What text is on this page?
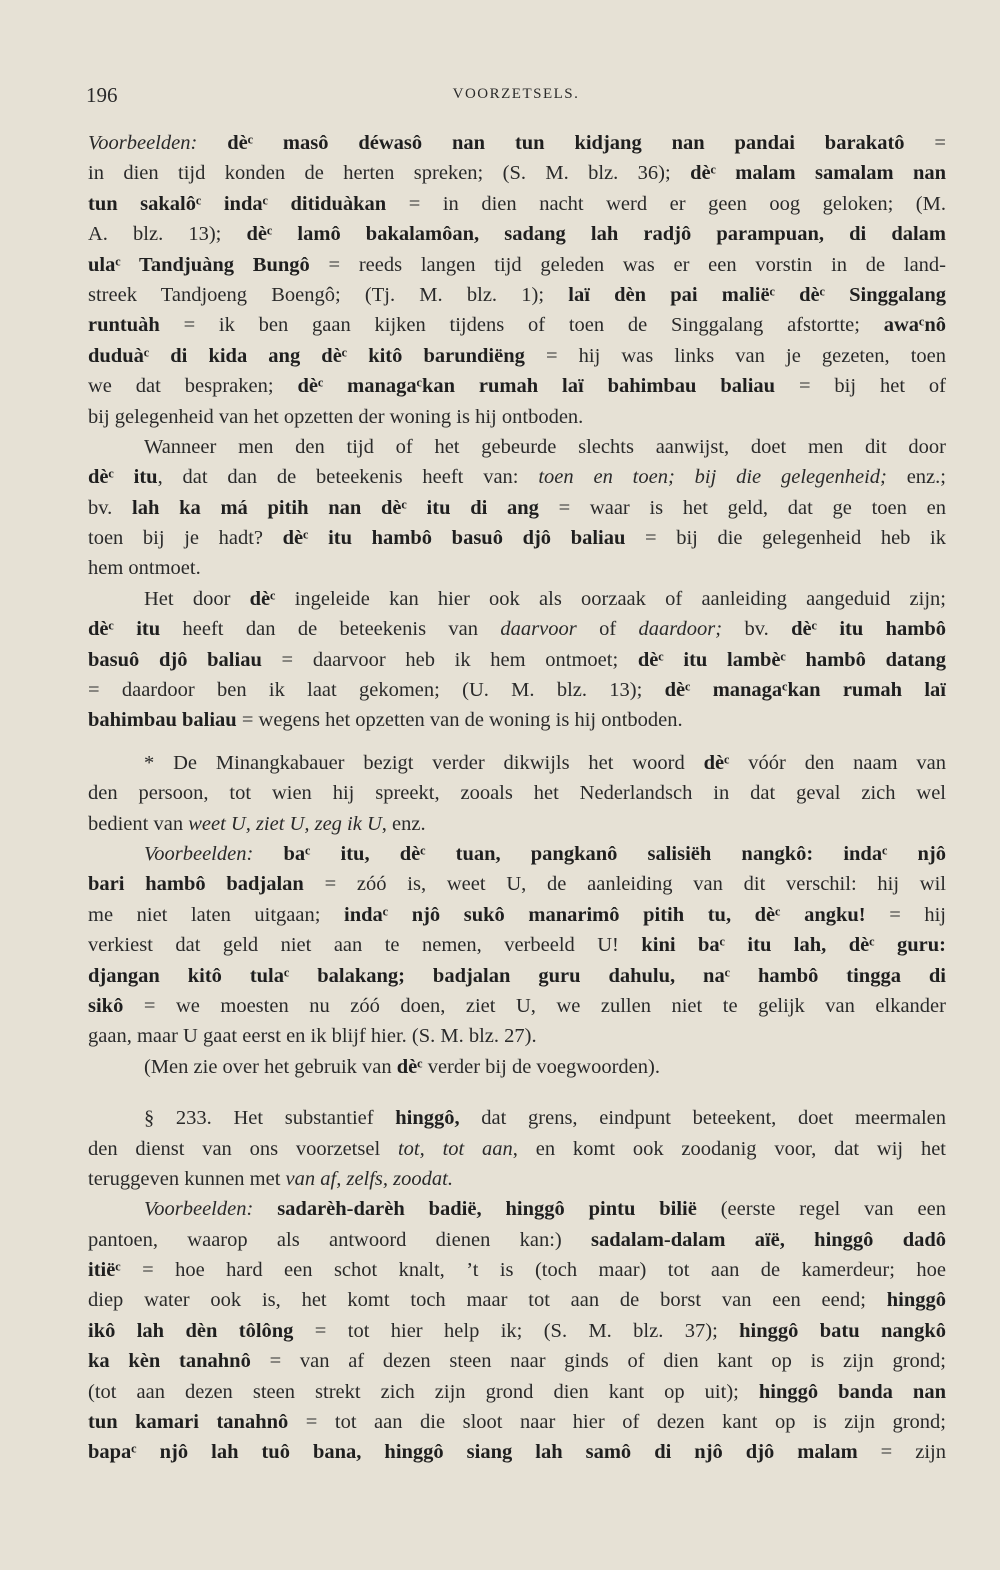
196	VOORZETSELS.
Voorbeelden: dèᶜ masô déwasô nan tun kidjang nan pandai barakatô =
in dien tijd konden de herten spreken; (S. M. blz. 36); dèᶜ malam samalam nan
tun sakalôᶜ indaᶜ ditiduàkan = in dien nacht werd er geen oog geloken; (M.
A. blz. 13); dèᶜ lamô bakalamôan, sadang lah radjô parampuan, di dalam
ulaᶜ Tandjuàng Bungô = reeds langen tijd geleden was er een vorstin in de land-
streek Tandjoeng Boengô; (Tj. M. blz. 1); laï dèn pai maliëᶜ dèᶜ Singgalang
runtuàh = ik ben gaan kijken tijdens of toen de Singgalang afstortte; awaᶜnô
duduàᶜ di kida ang dèᶜ kitô barundiëng = hij was links van je gezeten, toen
we dat bespraken; dèᶜ managaᶜkan rumah laï bahimbau baliau = bij het of
bij gelegenheid van het opzetten der woning is hij ontboden.
Wanneer men den tijd of het gebeurde slechts aanwijst, doet men dit door
dèᶜ itu, dat dan de beteekenis heeft van: toen en toen; bij die gelegenheid; enz.;
bv. lah ka má pitih nan dèᶜ itu di ang = waar is het geld, dat ge toen en
toen bij je hadt? dèᶜ itu hambô basuô djô baliau = bij die gelegenheid heb ik
hem ontmoet.
Het door dèᶜ ingeleide kan hier ook als oorzaak of aanleiding aangeduid zijn;
dèᶜ itu heeft dan de beteekenis van daarvoor of daardoor; bv. dèᶜ itu hambô
basuô djô baliau = daarvoor heb ik hem ontmoet; dèᶜ itu lambèᶜ hambô datang
= daardoor ben ik laat gekomen; (U. M. blz. 13); dèᶜ managaᶜkan rumah laï
bahimbau baliau = wegens het opzetten van de woning is hij ontboden.
* De Minangkabauer bezigt verder dikwijls het woord dèᶜ vóór den naam van
den persoon, tot wien hij spreekt, zooals het Nederlandsch in dat geval zich wel
bedient van weet U, ziet U, zeg ik U, enz.
Voorbeelden: baᶜ itu, dèᶜ tuan, pangkanô salisiëh nangkô: indaᶜ njô
bari hambô badjalan = zóó is, weet U, de aanleiding van dit verschil: hij wil
me niet laten uitgaan; indaᶜ njô sukô manarimô pitih tu, dèᶜ angku! = hij
verkiest dat geld niet aan te nemen, verbeeld U! kini baᶜ itu lah, dèᶜ guru:
djangan kitô tulaᶜ balakang; badjalan guru dahulu, naᶜ hambô tingga di
sikô = we moesten nu zóó doen, ziet U, we zullen niet te gelijk van elkander
gaan, maar U gaat eerst en ik blijf hier. (S. M. blz. 27).
(Men zie over het gebruik van dèᶜ verder bij de voegwoorden).
§ 233. Het substantief hinggô, dat grens, eindpunt beteekent, doet meermalen
den dienst van ons voorzetsel tot, tot aan, en komt ook zoodanig voor, dat wij het
teruggeven kunnen met van af, zelfs, zoodat.
Voorbeelden: sadarèh-darèh badië, hinggô pintu bilië (eerste regel van een
pantoen, waarop als antwoord dienen kan:) sadalam-dalam aïë, hinggô dadô
itiëᶜ = hoe hard een schot knalt, ’t is (toch maar) tot aan de kamerdeur; hoe
diep water ook is, het komt toch maar tot aan de borst van een eend; hinggô
ikô lah dèn tôlông = tot hier help ik; (S. M. blz. 37); hinggô batu nangkô
ka kèn tanahnô = van af dezen steen naar ginds of dien kant op is zijn grond;
(tot aan dezen steen strekt zich zijn grond dien kant op uit); hinggô banda nan
tun kamari tanahnô = tot aan die sloot naar hier of dezen kant op is zijn grond;
bapaᶜ njô lah tuô bana, hinggô siang lah samô di njô djô malam = zijn
